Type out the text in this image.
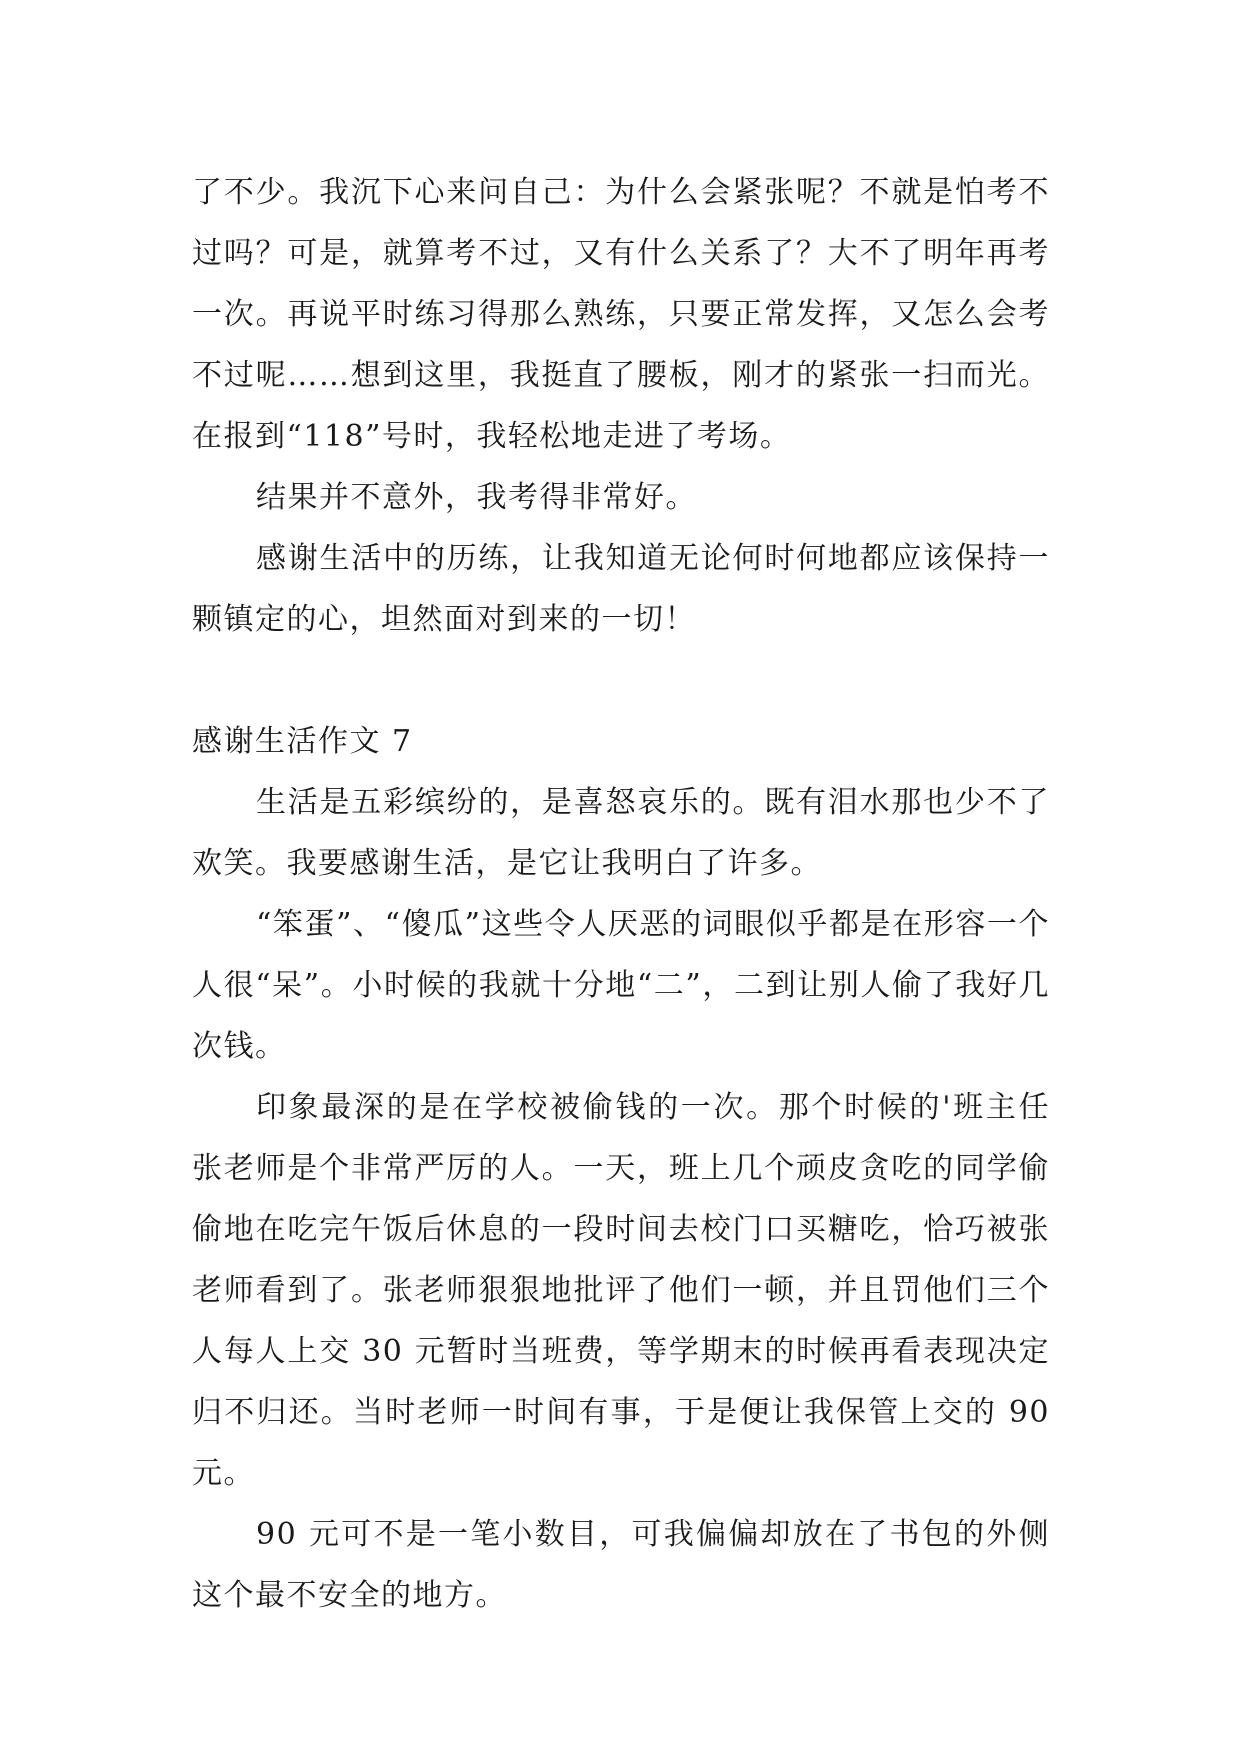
了不少。我沉下心来问自己：为什么会紧张呢？不就是怕考不过吗？可是，就算考不过，又有什么关系了？大不了明年再考一次。再说平时练习得那么熟练，只要正常发挥，又怎么会考不过呢……想到这里，我挺直了腰板，刚才的紧张一扫而光。在报到“118”号时，我轻松地走进了考场。

结果并不意外，我考得非常好。

感谢生活中的历练，让我知道无论何时何地都应该保持一颗镇定的心，坦然面对到来的一切！

感谢生活作文 7

生活是五彩缤纷的，是喜怒哀乐的。既有泪水那也少不了欢笑。我要感谢生活，是它让我明白了许多。

“笨蛋”、“傻瓜”这些令人厌恶的词眼似乎都是在形容一个人很“呆”。小时候的我就十分地“二”，二到让别人偷了我好几次钱。

印象最深的是在学校被偷钱的一次。那个时候的'班主任张老师是个非常严厉的人。一天，班上几个顽皮贪吃的同学偷偷地在吃完午饭后休息的一段时间去校门口买糖吃，恰巧被张老师看到了。张老师狠狠地批评了他们一顿，并且罚他们三个人每人上交 30 元暂时当班费，等学期末的时候再看表现决定归不归还。当时老师一时间有事，于是便让我保管上交的 90 元。

90 元可不是一笔小数目，可我偏偏却放在了书包的外侧这个最不安全的地方。
